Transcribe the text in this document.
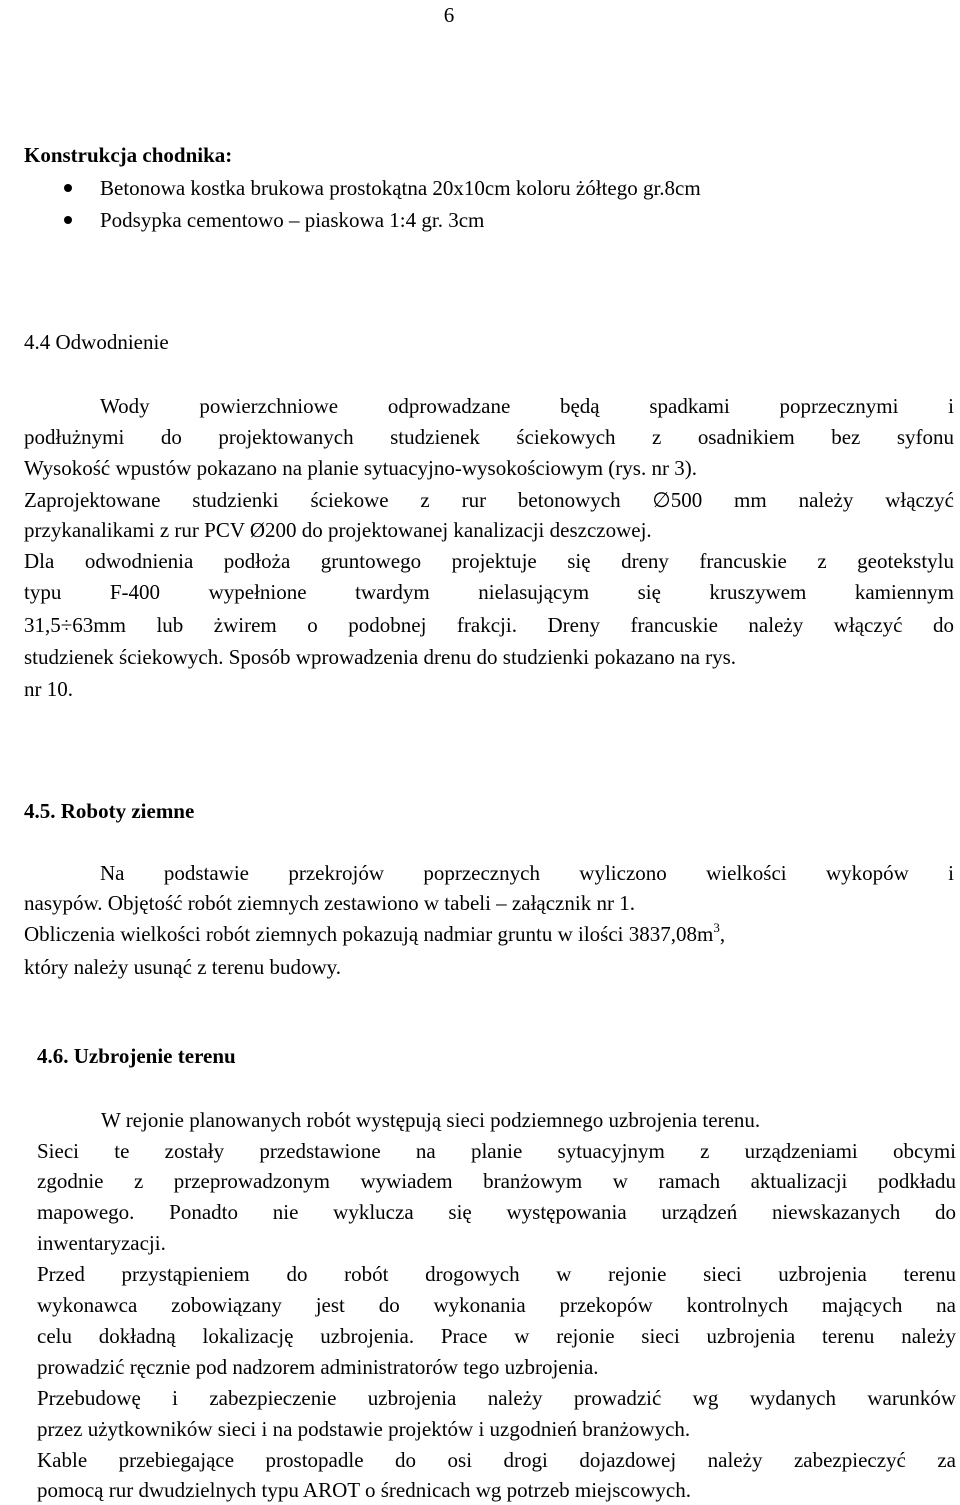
6
Konstrukcja chodnika:
Betonowa kostka brukowa prostokątna 20x10cm koloru żółtego gr.8cm
Podsypka cementowo – piaskowa 1:4 gr. 3cm
4.4 Odwodnienie
Wody powierzchniowe odprowadzane będą spadkami poprzecznymi i
podłużnymi do projektowanych studzienek ściekowych z osadnikiem bez syfonu
Wysokość wpustów pokazano na planie sytuacyjno-wysokościowym (rys. nr 3).
Zaprojektowane studzienki ściekowe z rur betonowych ∅500 mm należy włączyć
przykanalikami z rur PCV Ø200 do projektowanej kanalizacji deszczowej.
Dla odwodnienia podłoża gruntowego projektuje się dreny francuskie z geotekstylu
typu F-400 wypełnione twardym nielasującym się kruszywem kamiennym
31,5÷63mm lub żwirem o podobnej frakcji. Dreny francuskie należy włączyć do
studzienek ściekowych. Sposób wprowadzenia drenu do studzienki pokazano na rys.
nr 10.
4.5. Roboty ziemne
Na podstawie przekrojów poprzecznych wyliczono wielkości wykopów i
nasypów. Objętość robót ziemnych zestawiono w tabeli – załącznik nr 1.
Obliczenia wielkości robót ziemnych pokazują nadmiar gruntu w ilości $3837,08m^3$,
który należy usunąć z terenu budowy.
4.6. Uzbrojenie terenu
W rejonie planowanych robót występują sieci podziemnego uzbrojenia terenu.
Sieci te zostały przedstawione na planie sytuacyjnym z urządzeniami obcymi
zgodnie z przeprowadzonym wywiadem branżowym w ramach aktualizacji podkładu
mapowego. Ponadto nie wyklucza się występowania urządzeń niewskazanych do
inwentaryzacji.
Przed przystąpieniem do robót drogowych w rejonie sieci uzbrojenia terenu
wykonawca zobowiązany jest do wykonania przekopów kontrolnych mających na
celu dokładną lokalizację uzbrojenia. Prace w rejonie sieci uzbrojenia terenu należy
prowadzić ręcznie pod nadzorem administratorów tego uzbrojenia.
Przebudowę i zabezpieczenie uzbrojenia należy prowadzić wg wydanych warunków
przez użytkowników sieci i na podstawie projektów i uzgodnień branżowych.
Kable przebiegające prostopadle do osi drogi dojazdowej należy zabezpieczyć za
pomocą rur dwudzielnych typu AROT o średnicach wg potrzeb miejscowych.
